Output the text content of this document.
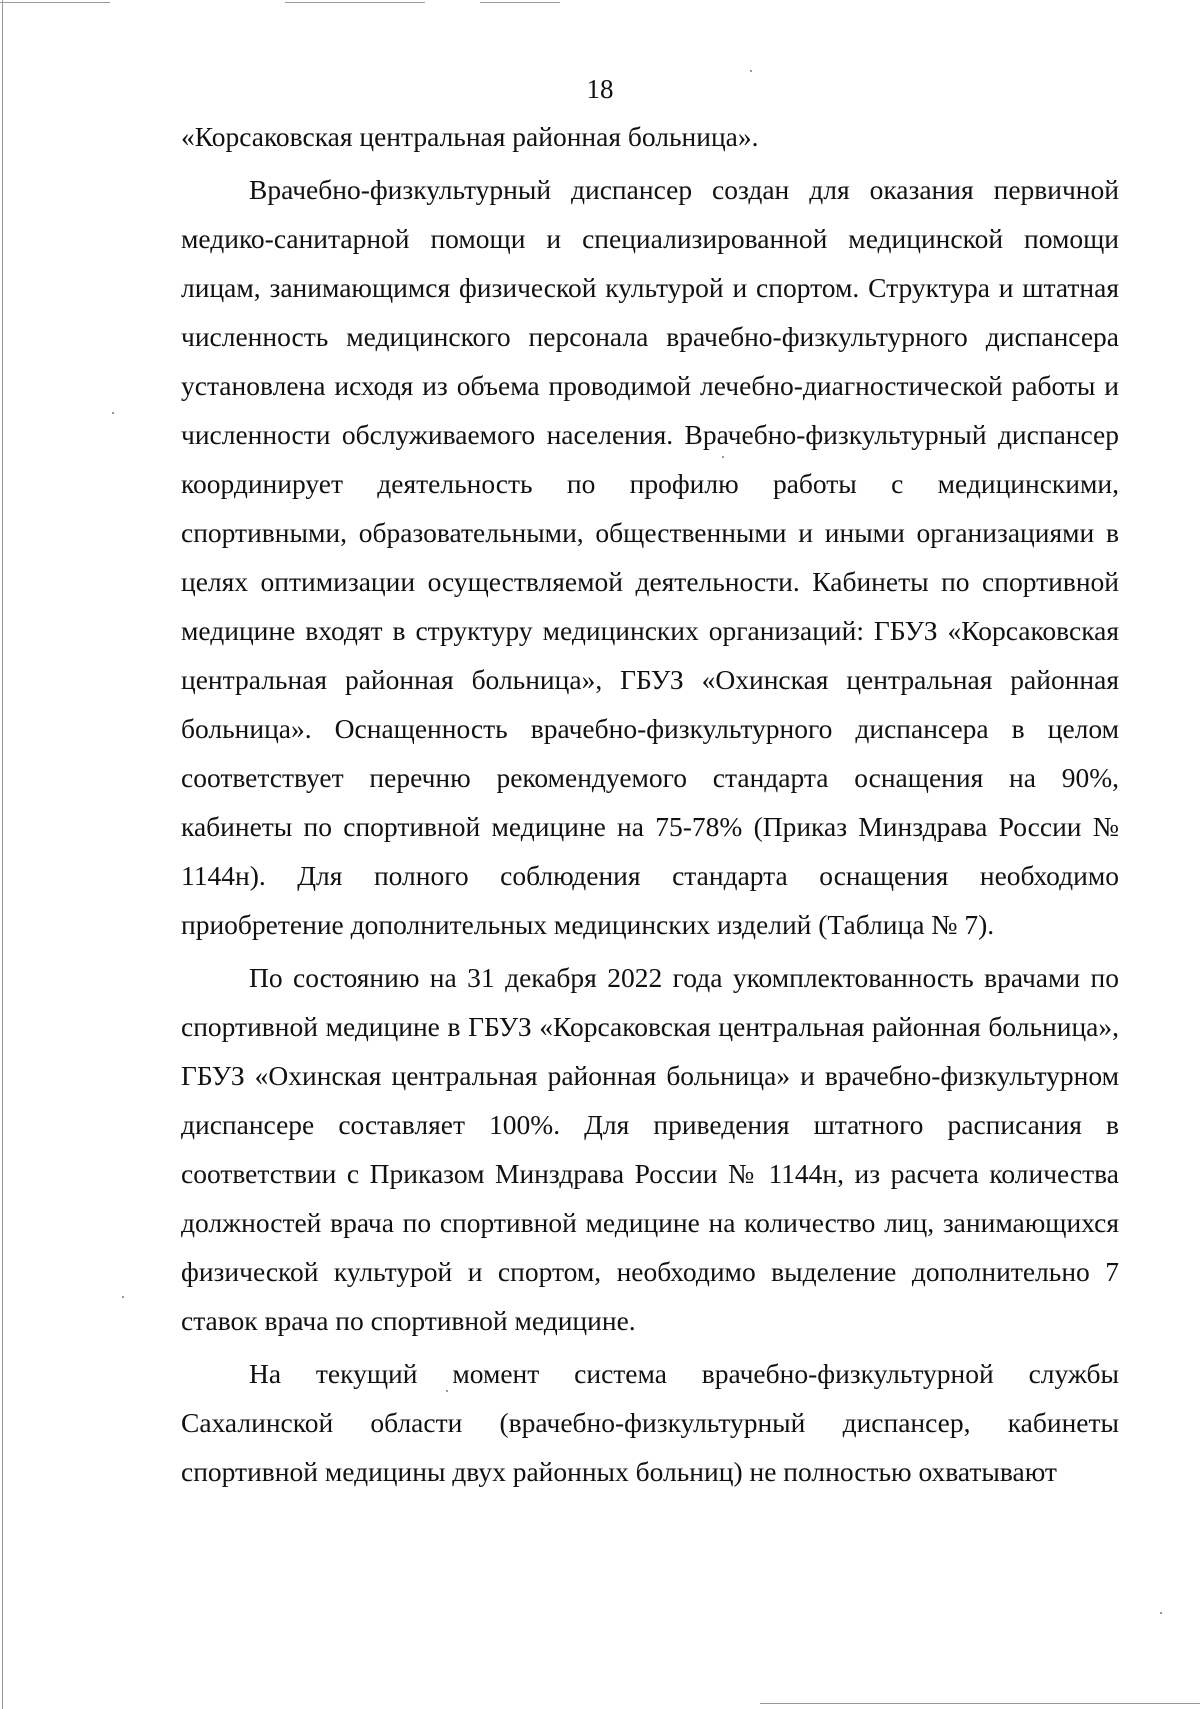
18

«Корсаковская центральная районная больница».

Врачебно-физкультурный диспансер создан для оказания первичной медико-санитарной помощи и специализированной медицинской помощи лицам, занимающимся физической культурой и спортом. Структура и штатная численность медицинского персонала врачебно-физкультурного диспансера установлена исходя из объема проводимой лечебно-диагностической работы и численности обслуживаемого населения. Врачебно-физкультурный диспансер координирует деятельность по профилю работы с медицинскими, спортивными, образовательными, общественными и иными организациями в целях оптимизации осуществляемой деятельности. Кабинеты по спортивной медицине входят в структуру медицинских организаций: ГБУЗ «Корсаковская центральная районная больница», ГБУЗ «Охинская центральная районная больница». Оснащенность врачебно-физкультурного диспансера в целом соответствует перечню рекомендуемого стандарта оснащения на 90%, кабинеты по спортивной медицине на 75-78% (Приказ Минздрава России № 1144н). Для полного соблюдения стандарта оснащения необходимо приобретение дополнительных медицинских изделий (Таблица № 7).

По состоянию на 31 декабря 2022 года укомплектованность врачами по спортивной медицине в ГБУЗ «Корсаковская центральная районная больница», ГБУЗ «Охинская центральная районная больница» и врачебно-физкультурном диспансере составляет 100%. Для приведения штатного расписания в соответствии с Приказом Минздрава России № 1144н, из расчета количества должностей врача по спортивной медицине на количество лиц, занимающихся физической культурой и спортом, необходимо выделение дополнительно 7 ставок врача по спортивной медицине.

На текущий момент система врачебно-физкультурной службы Сахалинской области (врачебно-физкультурный диспансер, кабинеты спортивной медицины двух районных больниц) не полностью охватывают
